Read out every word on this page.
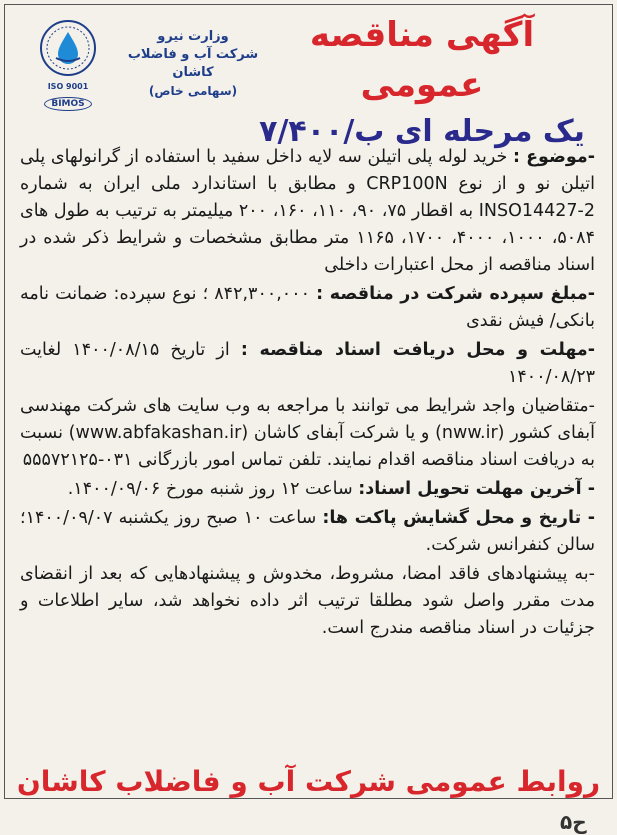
آگهی مناقصه عمومی
یک مرحله ای ب/۷/۴۰۰
وزارت نیرو
شرکت آب و فاضلاب کاشان
(سهامی خاص)
ISO 9001
BIMOS

-موضوع : خرید لوله پلی اتیلن سه لایه داخل سفید با استفاده از گرانولهای پلی اتیلن نو و از نوع CRP100N و مطابق با استاندارد ملی ایران به شماره INSO14427-2 به اقطار ۷۵، ۹۰، ۱۱۰، ۱۶۰، ۲۰۰ میلیمتر به ترتیب به طول های ۵۰۸۴، ۱۰۰۰، ۴۰۰۰، ۱۷۰۰، ۱۱۶۵ متر مطابق مشخصات و شرایط ذکر شده در اسناد مناقصه از محل اعتبارات داخلی

-مبلغ سپرده شرکت در مناقصه : ۸۴۲,۳۰۰,۰۰۰ ؛ نوع سپرده: ضمانت نامه بانکی/ فیش نقدی

-مهلت و محل دریافت اسناد مناقصه : از تاریخ ۱۴۰۰/۰۸/۱۵ لغایت ۱۴۰۰/۰۸/۲۳

-متقاضیان واجد شرایط می توانند با مراجعه به وب سایت های شرکت مهندسی آبفای کشور (nww.ir) و یا شرکت آبفای کاشان (www.abfakashan.ir) نسبت به دریافت اسناد مناقصه اقدام نمایند. تلفن تماس امور بازرگانی ۰۳۱-۵۵۵۷۲۱۲۵

- آخرین مهلت تحویل اسناد: ساعت ۱۲ روز شنبه مورخ ۱۴۰۰/۰۹/۰۶.

- تاریخ و محل گشایش پاکت ها: ساعت ۱۰ صبح روز یکشنبه ۱۴۰۰/۰۹/۰۷؛ سالن کنفرانس شرکت.

-به پیشنهادهای فاقد امضا، مشروط، مخدوش و پیشنهادهایی که بعد از انقضای مدت مقرر واصل شود مطلقا ترتیب اثر داده نخواهد شد، سایر اطلاعات و جزئیات در اسناد مناقصه مندرج است.

روابط عمومی شرکت آب و فاضلاب کاشان
ح۵
